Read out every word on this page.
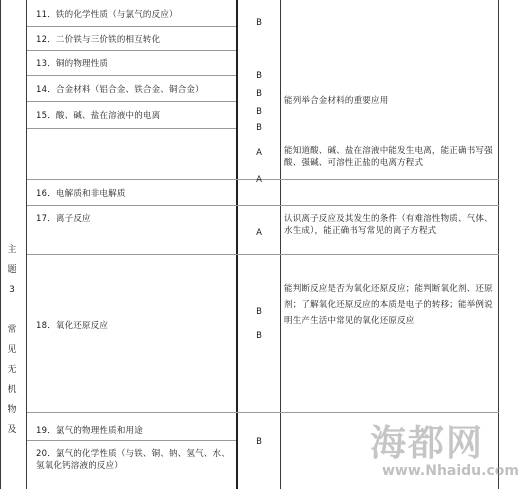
主
题
3
常
见
无
机
物
及
11．铁的化学性质（与氯气的反应）
12．二价铁与三价铁的相互转化
13．铜的物理性质
14．合金材料（铝合金、铁合金、铜合金）
15．酸、碱、盐在溶液中的电离
16．电解质和非电解质
17．离子反应
18．氧化还原反应
19．氯气的物理性质和用途
20．氯气的化学性质（与铁、铜、钠、氢气、水、氢氧化钙溶液的反应）
B
B
B
B
B
A
A
A
B
B
B
能列举合金材料的重要应用
能知道酸、碱、盐在溶液中能发生电离，能正确书写强酸、强碱、可溶性正盐的电离方程式
认识离子反应及其发生的条件（有难溶性物质、气体、水生成），能正确书写常见的离子方程式
能判断反应是否为氧化还原反应；能判断氧化剂、还原剂；了解氧化还原反应的本质是电子的转移；能举例说明生产生活中常见的氧化还原反应
海都网
www.Nhaidu.com
